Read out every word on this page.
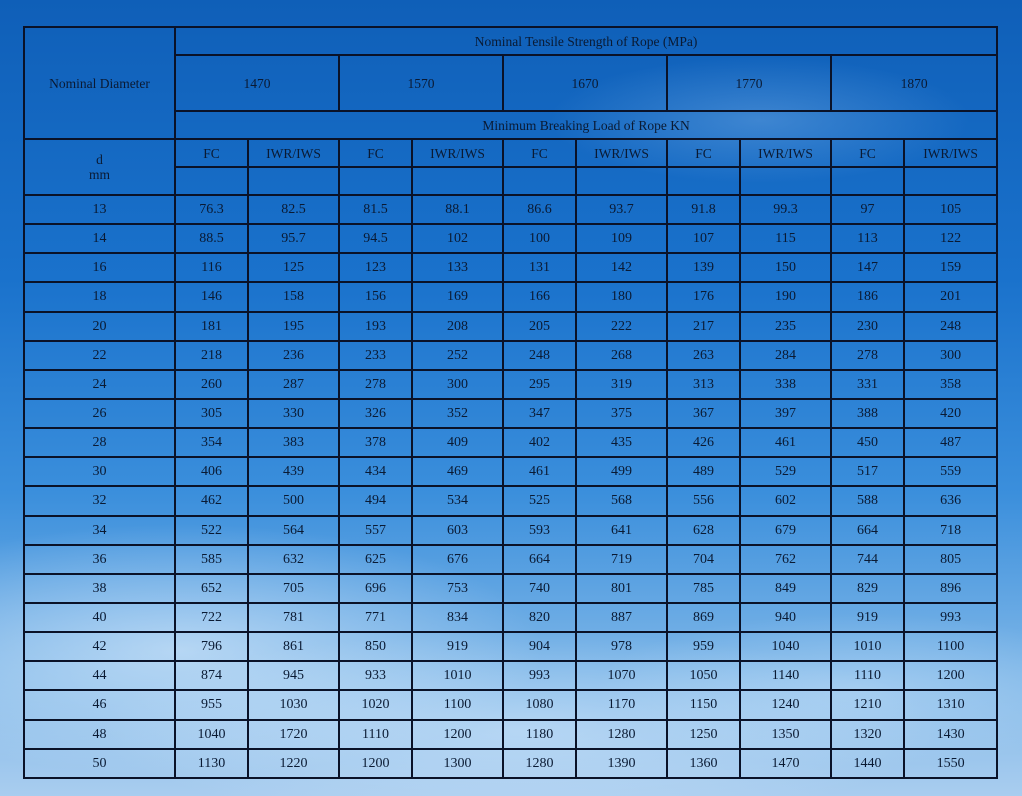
Nominal Diameter	Nominal Tensile Strength of Rope (MPa)									
	1470		1570		1670		1770		1870	
	Minimum Breaking Load of Rope KN									

d
mm	FC	IWR/IWS	FC	IWR/IWS	FC	IWR/IWS	FC	IWR/IWS	FC	IWR/IWS

13	76.3	82.5	81.5	88.1	86.6	93.7	91.8	99.3	97	105
14	88.5	95.7	94.5	102	100	109	107	115	113	122
16	116	125	123	133	131	142	139	150	147	159
18	146	158	156	169	166	180	176	190	186	201
20	181	195	193	208	205	222	217	235	230	248
22	218	236	233	252	248	268	263	284	278	300
24	260	287	278	300	295	319	313	338	331	358
26	305	330	326	352	347	375	367	397	388	420
28	354	383	378	409	402	435	426	461	450	487
30	406	439	434	469	461	499	489	529	517	559
32	462	500	494	534	525	568	556	602	588	636
34	522	564	557	603	593	641	628	679	664	718
36	585	632	625	676	664	719	704	762	744	805
38	652	705	696	753	740	801	785	849	829	896
40	722	781	771	834	820	887	869	940	919	993
42	796	861	850	919	904	978	959	1040	1010	1100
44	874	945	933	1010	993	1070	1050	1140	1110	1200
46	955	1030	1020	1100	1080	1170	1150	1240	1210	1310
48	1040	1720	1110	1200	1180	1280	1250	1350	1320	1430
50	1130	1220	1200	1300	1280	1390	1360	1470	1440	1550
